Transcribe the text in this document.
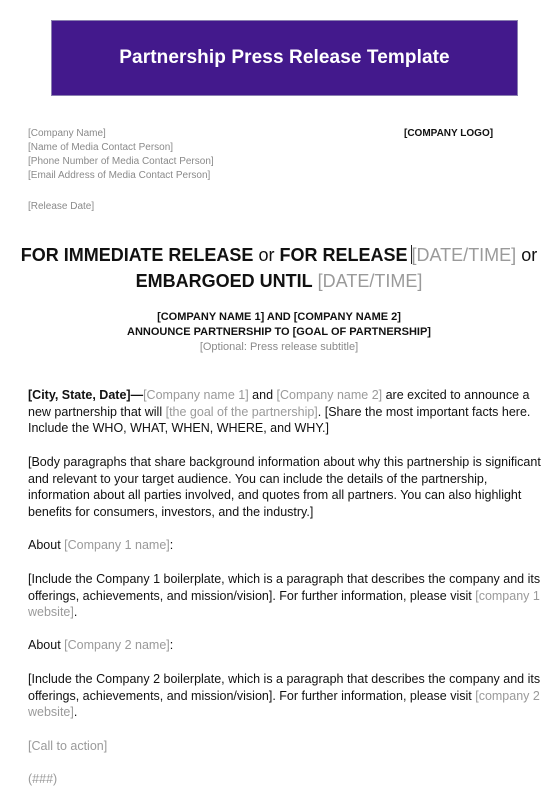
Partnership Press Release Template
[Company Name]
[Name of Media Contact Person]
[Phone Number of Media Contact Person]
[Email Address of Media Contact Person]
[COMPANY LOGO]
[Release Date]
FOR IMMEDIATE RELEASE or FOR RELEASE [DATE/TIME] or
EMBARGOED UNTIL [DATE/TIME]
[COMPANY NAME 1] AND [COMPANY NAME 2]
ANNOUNCE PARTNERSHIP TO [GOAL OF PARTNERSHIP]
[Optional: Press release subtitle]
[City, State, Date]—[Company name 1] and [Company name 2] are excited to announce a new partnership that will [the goal of the partnership]. [Share the most important facts here. Include the WHO, WHAT, WHEN, WHERE, and WHY.]
[Body paragraphs that share background information about why this partnership is significant and relevant to your target audience. You can include the details of the partnership, information about all parties involved, and quotes from all partners. You can also highlight benefits for consumers, investors, and the industry.]
About [Company 1 name]:
[Include the Company 1 boilerplate, which is a paragraph that describes the company and its offerings, achievements, and mission/vision]. For further information, please visit [company 1 website].
About [Company 2 name]:
[Include the Company 2 boilerplate, which is a paragraph that describes the company and its offerings, achievements, and mission/vision]. For further information, please visit [company 2 website].
[Call to action]
(###)
